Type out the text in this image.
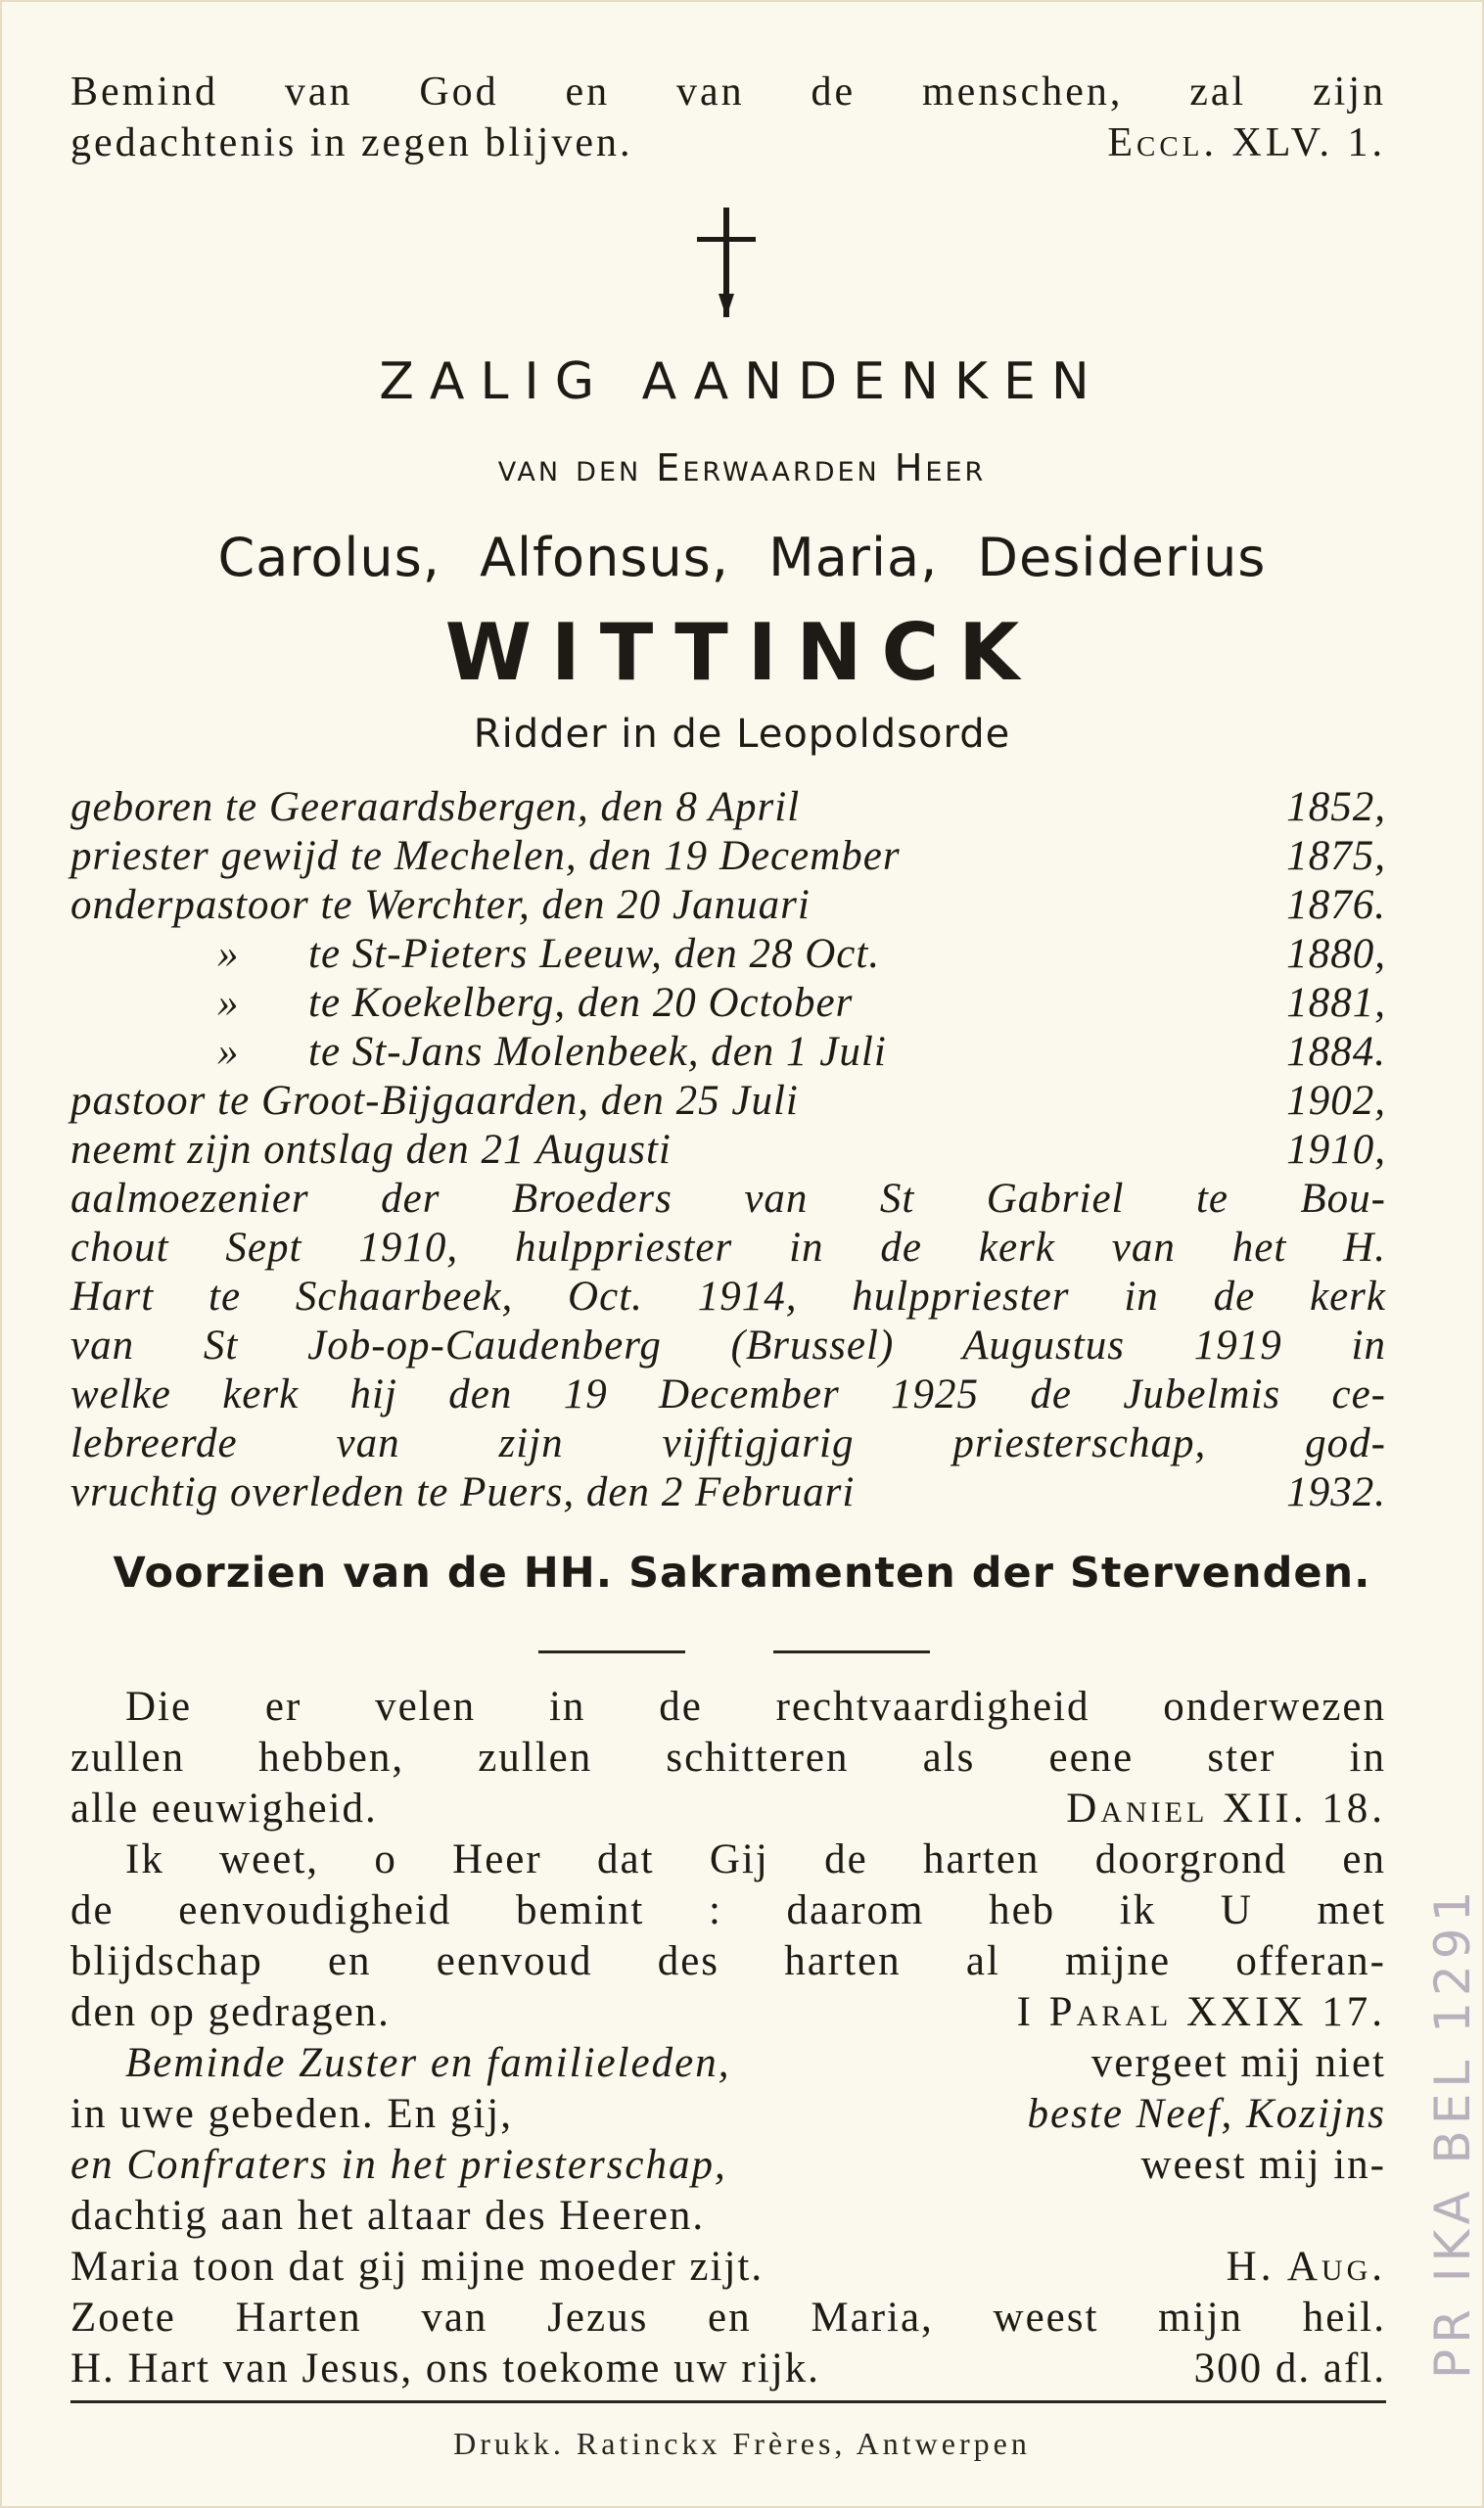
Bemind van God en van de menschen, zal zijn
gedachtenis in zegen blijven.	Eccl. XLV. 1.
ZALIG AANDENKEN
van den Eerwaarden Heer
Carolus, Alfonsus, Maria, Desiderius
WITTINCK
Ridder in de Leopoldsorde
geboren te Geeraardsbergen, den 8 April	1852,
priester gewijd te Mechelen, den 19 December	1875,
onderpastoor te Werchter, den 20 Januari	1876.
»      te St-Pieters Leeuw, den 28 Oct.	1880,
»      te Koekelberg, den 20 October	1881,
»      te St-Jans Molenbeek, den 1 Juli	1884.
pastoor te Groot-Bijgaarden, den 25 Juli	1902,
neemt zijn ontslag den 21 Augusti	1910,
aalmoezenier der Broeders van St Gabriel te Bou-
chout Sept 1910, hulppriester in de kerk van het H.
Hart te Schaarbeek, Oct. 1914, hulppriester in de kerk
van St Job-op-Caudenberg (Brussel) Augustus 1919 in
welke kerk hij den 19 December 1925 de Jubelmis ce-
lebreerde van zijn vijftigjarig priesterschap, god-
vruchtig overleden te Puers, den 2 Februari	1932.
Voorzien van de HH. Sakramenten der Stervenden.
Die er velen in de rechtvaardigheid onderwezen
zullen hebben, zullen schitteren als eene ster in
alle eeuwigheid.	Daniel XII. 18.
Ik weet, o Heer dat Gij de harten doorgrond en
de eenvoudigheid bemint : daarom heb ik U met
blijdschap en eenvoud des harten al mijne offeran-
den op gedragen.	I Paral XXIX 17.
Beminde Zuster en familieleden,	vergeet mij niet
in uwe gebeden. En gij,	beste Neef, Kozijns
en Confraters in het priesterschap,	weest mij in-
dachtig aan het altaar des Heeren.
Maria toon dat gij mijne moeder zijt.	H. Aug.
Zoete Harten van Jezus en Maria, weest mijn heil.
H. Hart van Jesus, ons toekome uw rijk.	300 d. afl.
Drukk. Ratinckx Frères, Antwerpen
PR IKA BEL 1291
